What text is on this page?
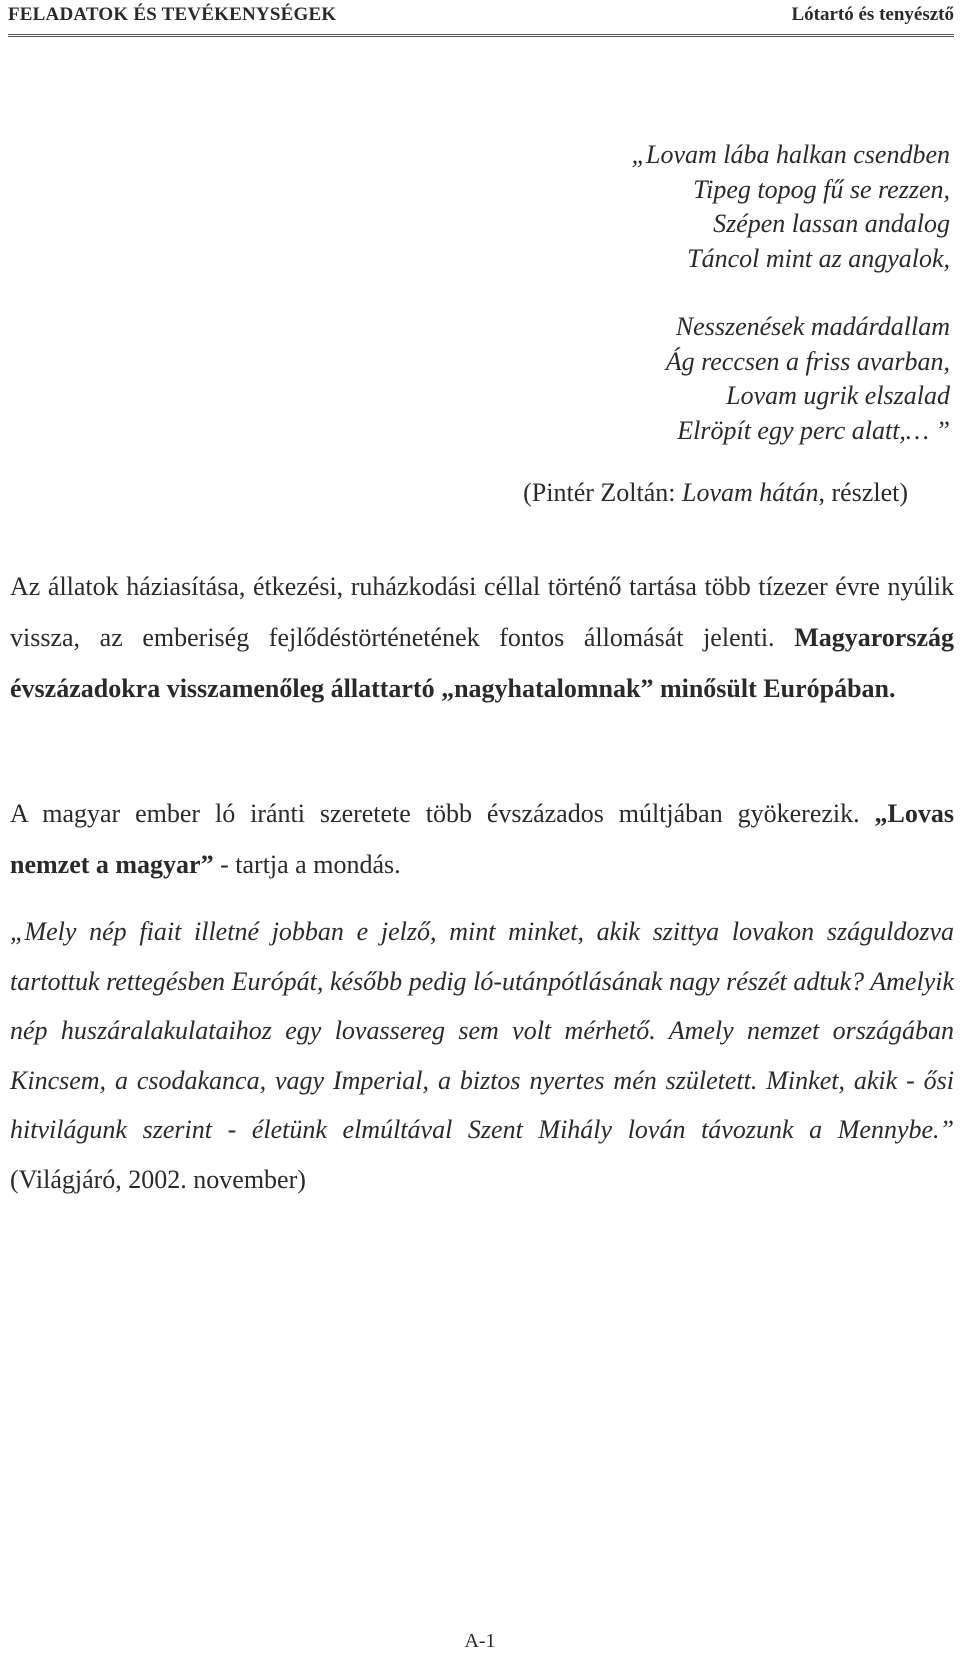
FELADATOK ÉS TEVÉKENYSÉGEK	Lótartó és tenyésztő

„Lovam lába halkan csendben
Tipeg topog fű se rezzen,
Szépen lassan andalog
Táncol mint az angyalok,

Nesszenések madárdallam
Ág reccsen a friss avarban,
Lovam ugrik elszalad
Elröpít egy perc alatt,… ”

(Pintér Zoltán: Lovam hátán, részlet)

Az állatok háziasítása, étkezési, ruházkodási céllal történő tartása több tízezer évre nyúlik vissza, az emberiség fejlődéstörténetének fontos állomását jelenti. Magyarország évszázadokra visszamenőleg állattartó „nagyhatalomnak” minősült Európában.

A magyar ember ló iránti szeretete több évszázados múltjában gyökerezik. „Lovas nemzet a magyar” - tartja a mondás.

„Mely nép fiait illetné jobban e jelző, mint minket, akik szittya lovakon száguldozva tartottuk rettegésben Európát, később pedig ló-utánpótlásának nagy részét adtuk? Amelyik nép huszáralakulataihoz egy lovassereg sem volt mérhető. Amely nemzet országában Kincsem, a csodakanca, vagy Imperial, a biztos nyertes mén született. Minket, akik - ősi hitvilágunk szerint - életünk elmúltával Szent Mihály lován távozunk a Mennybe.” (Világjáró, 2002. november)

A-1
